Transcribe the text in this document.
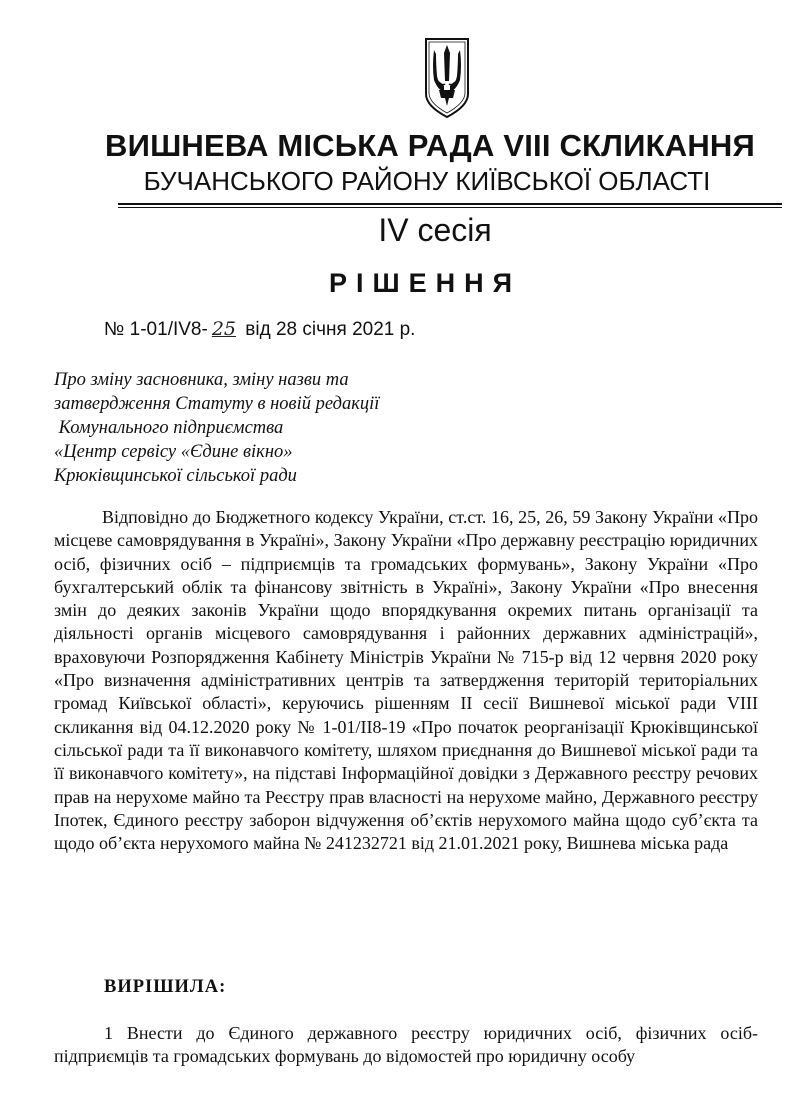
ВИШНЕВА МІСЬКА РАДА VIII СКЛИКАННЯ
БУЧАНСЬКОГО РАЙОНУ КИЇВСЬКОЇ ОБЛАСТІ
IV сесія
РІШЕННЯ
№ 1-01/IV8- 25 від 28 січня 2021 р.
Про зміну засновника, зміну назви та
затвердження Статуту в новій редакції
Комунального підприємства
«Центр сервісу «Єдине вікно»
Крюківщинської сільської ради
Відповідно до Бюджетного кодексу України, ст.ст. 16, 25, 26, 59 Закону України «Про місцеве самоврядування в Україні», Закону України «Про державну реєстрацію юридичних осіб, фізичних осіб – підприємців та громадських формувань», Закону України «Про бухгалтерський облік та фінансову звітність в Україні», Закону України «Про внесення змін до деяких законів України щодо впорядкування окремих питань організації та діяльності органів місцевого самоврядування і районних державних адміністрацій», враховуючи Розпорядження Кабінету Міністрів України № 715-р від 12 червня 2020 року «Про визначення адміністративних центрів та затвердження територій територіальних громад Київської області», керуючись рішенням II сесії Вишневої міської ради VIII скликання від 04.12.2020 року № 1-01/II8-19 «Про початок реорганізації Крюківщинської сільської ради та її виконавчого комітету, шляхом приєднання до Вишневої міської ради та її виконавчого комітету», на підставі Інформаційної довідки з Державного реєстру речових прав на нерухоме майно та Реєстру прав власності на нерухоме майно, Державного реєстру Іпотек, Єдиного реєстру заборон відчуження об’єктів нерухомого майна щодо суб’єкта та щодо об’єкта нерухомого майна № 241232721 від 21.01.2021 року, Вишнева міська рада
ВИРІШИЛА:
1 Внести до Єдиного державного реєстру юридичних осіб, фізичних осіб-підприємців та громадських формувань до відомостей про юридичну особу
